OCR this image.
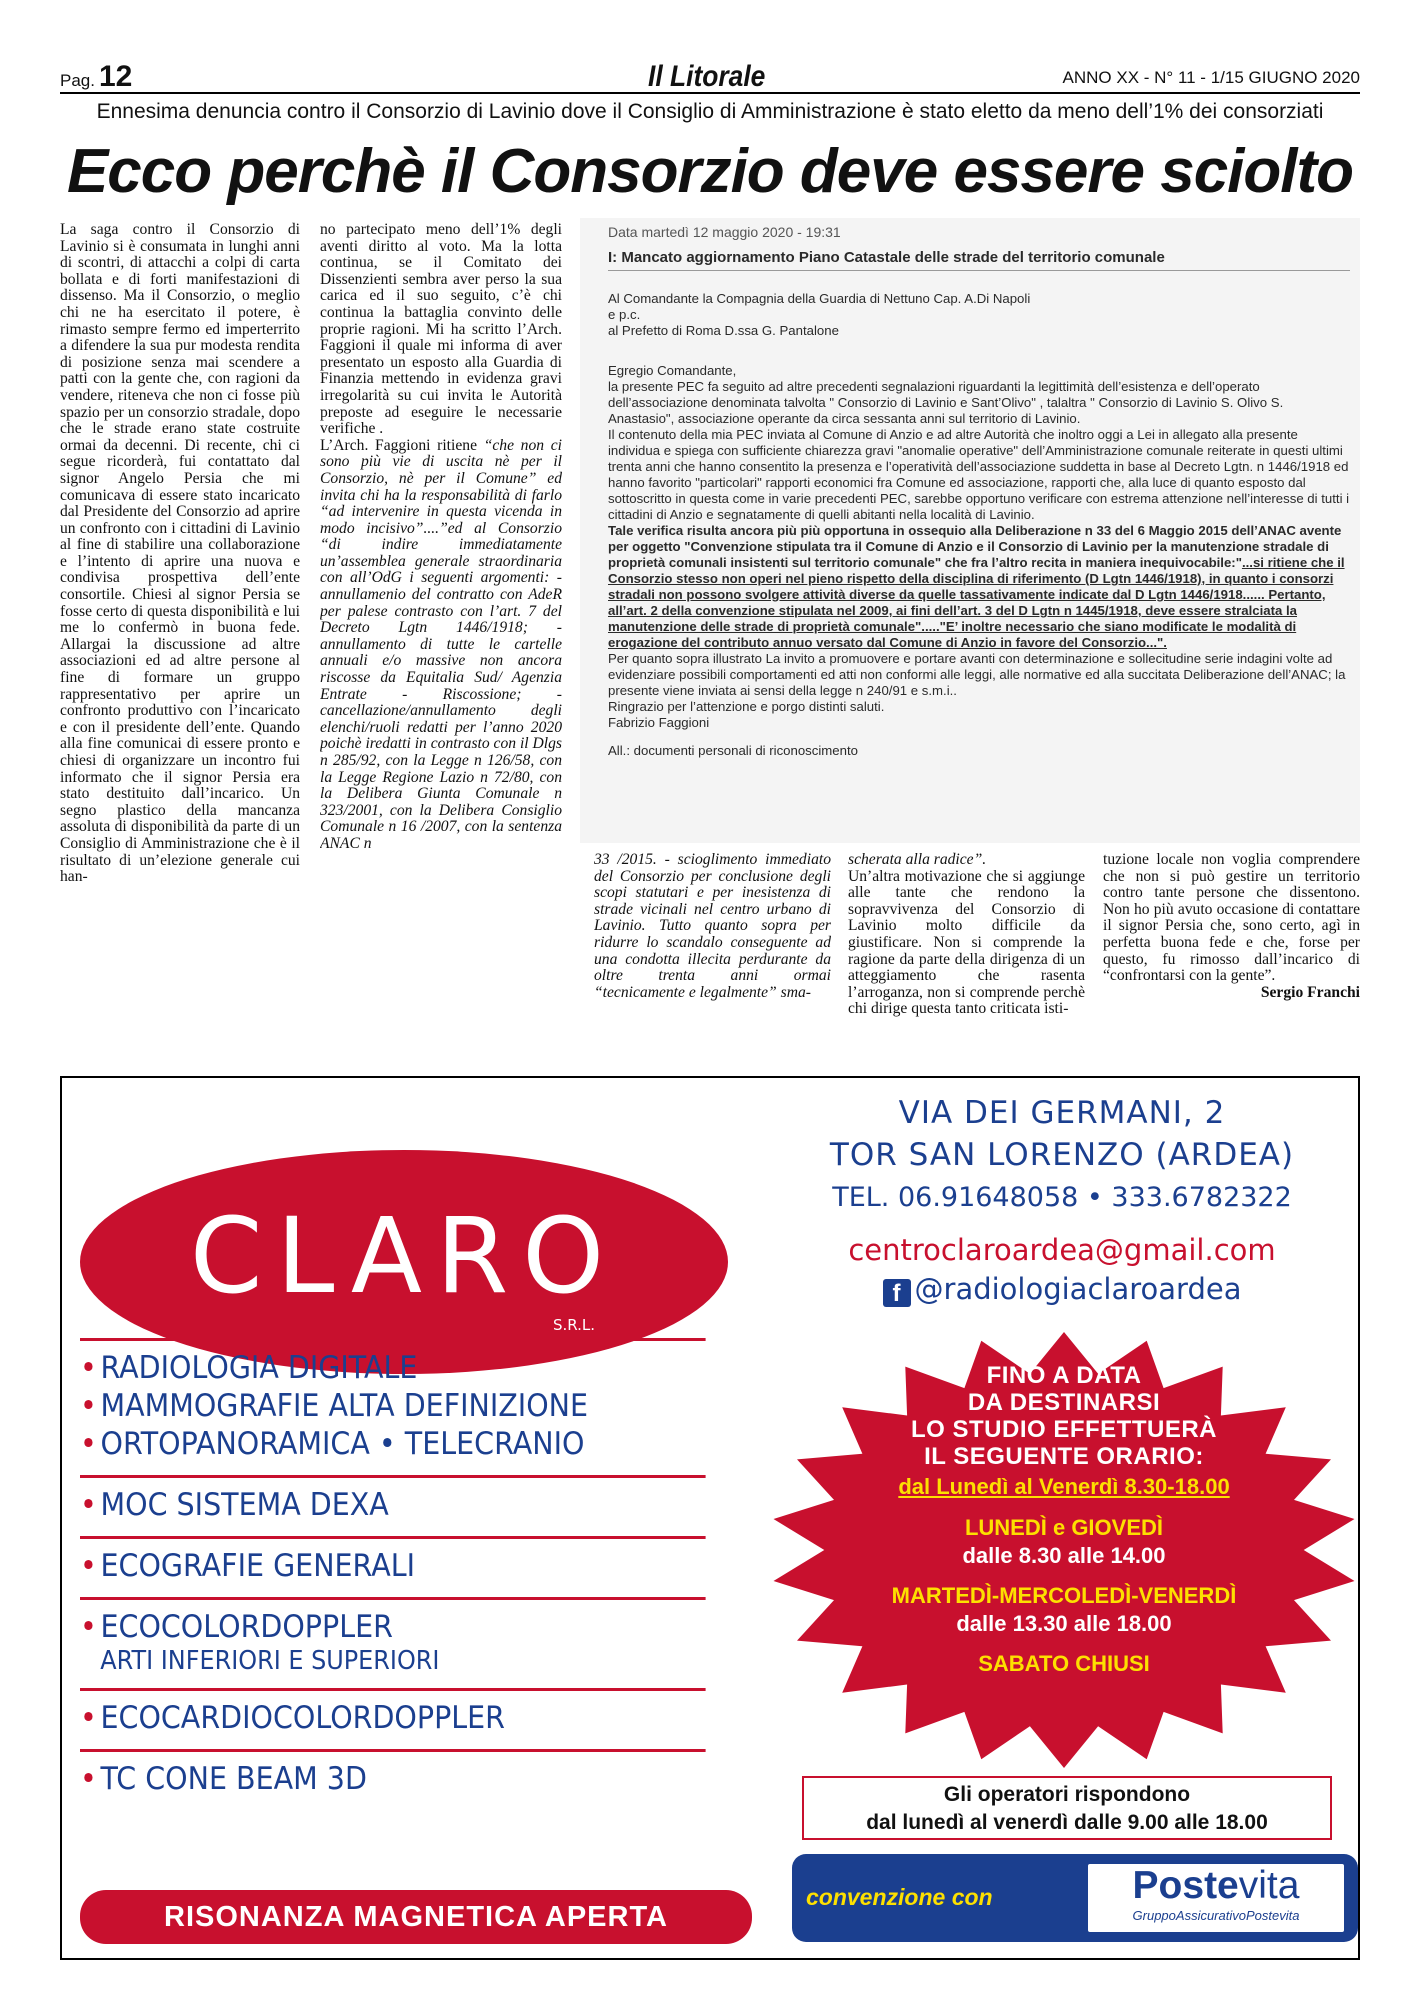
Pag. 12	Il Litorale	ANNO XX - N° 11 - 1/15 GIUGNO 2020
Ennesima denuncia contro il Consorzio di Lavinio dove il Consiglio di Amministrazione è stato eletto da meno dell’1% dei consorziati
Ecco perchè il Consorzio deve essere sciolto

La saga contro il Consorzio di Lavinio si è consumata in lunghi anni di scontri, di attacchi a colpi di carta bollata e di forti manifestazioni di dissenso. Ma il Consorzio, o meglio chi ne ha esercitato il potere, è rimasto sempre fermo ed imperterrito a difendere la sua pur modesta rendita di posizione senza mai scendere a patti con la gente che, con ragioni da vendere, riteneva che non ci fosse più spazio per un consorzio stradale, dopo che le strade erano state costruite ormai da decenni. Di recente, chi ci segue ricorderà, fui contattato dal signor Angelo Persia che mi comunicava di essere stato incaricato dal Presidente del Consorzio ad aprire un confronto con i cittadini di Lavinio al fine di stabilire una collaborazione e l’intento di aprire una nuova e condivisa prospettiva dell’ente consortile. Chiesi al signor Persia se fosse certo di questa disponibilità e lui me lo confermò in buona fede. Allargai la discussione ad altre associazioni ed ad altre persone al fine di formare un gruppo rappresentativo per aprire un confronto produttivo con l’incaricato e con il presidente dell’ente. Quando alla fine comunicai di essere pronto e chiesi di organizzare un incontro fui informato che il signor Persia era stato destituito dall’incarico. Un segno plastico della mancanza assoluta di disponibilità da parte di un Consiglio di Amministrazione che è il risultato di un’elezione generale cui han-

no partecipato meno dell’1% degli aventi diritto al voto. Ma la lotta continua, se il Comitato dei Dissenzienti sembra aver perso la sua carica ed il suo seguito, c’è chi continua la battaglia convinto delle proprie ragioni. Mi ha scritto l’Arch. Faggioni il quale mi informa di aver presentato un esposto alla Guardia di Finanzia mettendo in evidenza gravi irregolarità su cui invita le Autorità preposte ad eseguire le necessarie verifiche .

L’Arch. Faggioni ritiene “che non ci sono più vie di uscita nè per il Consorzio, nè per il Comune” ed invita chi ha la responsabilità di farlo “ad intervenire in questa vicenda in modo incisivo”....”ed al Consorzio “di indire immediatamente un’assemblea generale straordinaria con all’OdG i seguenti argomenti: -annullamenio del contratto con AdeR per palese contrasto con l’art. 7 del Decreto Lgtn 1446/1918; - annullamento di tutte le cartelle annuali e/o massive non ancora riscosse da Equitalia Sud/ Agenzia Entrate - Riscossione; - cancellazione/annullamento degli elenchi/ruoli redatti per l’anno 2020 poichè iredatti in contrasto con il Dlgs n 285/92, con la Legge n 126/58, con la Legge Regione Lazio n 72/80, con la Delibera Giunta Comunale n 323/2001, con la Delibera Consiglio Comunale n 16 /2007, con la sentenza ANAC n

Data martedì 12 maggio 2020 - 19:31
I: Mancato aggiornamento Piano Catastale delle strade del territorio comunale
Al Comandante la Compagnia della Guardia di Nettuno Cap. A.Di Napoli
e p.c.
al Prefetto di Roma D.ssa G. Pantalone
Egregio Comandante,
la presente PEC fa seguito ad altre precedenti segnalazioni riguardanti la legittimità dell’esistenza e dell’operato dell’associazione denominata talvolta " Consorzio di Lavinio e Sant’Olivo" , talaltra " Consorzio di Lavinio S. Olivo S. Anastasio", associazione operante da circa sessanta anni sul territorio di Lavinio.
Il contenuto della mia PEC inviata al Comune di Anzio e ad altre Autorità che inoltro oggi a Lei in allegato alla presente individua e spiega con sufficiente chiarezza gravi "anomalie operative" dell’Amministrazione comunale reiterate in questi ultimi trenta anni che hanno consentito la presenza e l’operatività dell’associazione suddetta in base al Decreto Lgtn. n 1446/1918 ed hanno favorito "particolari" rapporti economici fra Comune ed associazione, rapporti che, alla luce di quanto esposto dal sottoscritto in questa come in varie precedenti PEC, sarebbe opportuno verificare con estrema attenzione nell’interesse di tutti i cittadini di Anzio e segnatamente di quelli abitanti nella località di Lavinio.
Tale verifica risulta ancora più più opportuna in ossequio alla Deliberazione n 33 del 6 Maggio 2015 dell’ANAC avente per oggetto "Convenzione stipulata tra il Comune di Anzio e il Consorzio di Lavinio per la manutenzione stradale di proprietà comunali insistenti sul territorio comunale" che fra l’altro recita in maniera inequivocabile:"...si ritiene che il Consorzio stesso non operi nel pieno rispetto della disciplina di riferimento (D Lgtn 1446/1918), in quanto i consorzi stradali non possono svolgere attività diverse da quelle tassativamente indicate dal D Lgtn 1446/1918...... Pertanto, all’art. 2 della convenzione stipulata nel 2009, ai fini dell’art. 3 del D Lgtn n 1445/1918, deve essere stralciata la manutenzione delle strade di proprietà comunale"....."E’ inoltre necessario che siano modificate le modalità di erogazione del contributo annuo versato dal Comune di Anzio in favore del Consorzio...".
Per quanto sopra illustrato La invito a promuovere e portare avanti con determinazione e sollecitudine serie indagini volte ad evidenziare possibili comportamenti ed atti non conformi alle leggi, alle normative ed alla succitata Deliberazione dell’ANAC; la presente viene inviata ai sensi della legge n 240/91 e s.m.i..
Ringrazio per l’attenzione e porgo distinti saluti.
Fabrizio Faggioni
All.: documenti personali di riconoscimento

33 /2015. - scioglimento immediato del Consorzio per conclusione degli scopi statutari e per inesistenza di strade vicinali nel centro urbano di Lavinio. Tutto quanto sopra per ridurre lo scandalo conseguente ad una condotta illecita perdurante da oltre trenta anni ormai “tecnicamente e legalmente” sma-

scherata alla radice”.

Un’altra motivazione che si aggiunge alle tante che rendono la sopravvivenza del Consorzio di Lavinio molto difficile da giustificare. Non si comprende la ragione da parte della dirigenza di un atteggiamento che rasenta l’arroganza, non si comprende perchè chi dirige questa tanto criticata isti-

tuzione locale non voglia comprendere che non si può gestire un territorio contro tante persone che dissentono. Non ho più avuto occasione di contattare il signor Persia che, sono certo, agì in perfetta buona fede e che, forse per questo, fu rimosso dall’incarico di “confrontarsi con la gente”.

Sergio Franchi

CLARO
S.R.L.
VIA DEI GERMANI, 2
TOR SAN LORENZO (ARDEA)
TEL. 06.91648058 • 333.6782322
centroclaroardea@gmail.com
f @radiologiaclaroardea
• RADIOLOGIA DIGITALE
• MAMMOGRAFIE ALTA DEFINIZIONE
• ORTOPANORAMICA • TELECRANIO
• MOC SISTEMA DEXA
• ECOGRAFIE GENERALI
• ECOCOLORDOPPLER
ARTI INFERIORI E SUPERIORI
• ECOCARDIOCOLORDOPPLER
• TC CONE BEAM 3D
RISONANZA MAGNETICA APERTA
FINO A DATA
DA DESTINARSI
LO STUDIO EFFETTUERÀ
IL SEGUENTE ORARIO:
dal Lunedì al Venerdì 8.30-18.00
LUNEDÌ e GIOVEDÌ
dalle 8.30 alle 14.00
MARTEDÌ-MERCOLEDÌ-VENERDÌ
dalle 13.30 alle 18.00
SABATO CHIUSI
Gli operatori rispondono
dal lunedì al venerdì dalle 9.00 alle 18.00
convenzione con	Postevita
GruppoAssicurativoPostevita
